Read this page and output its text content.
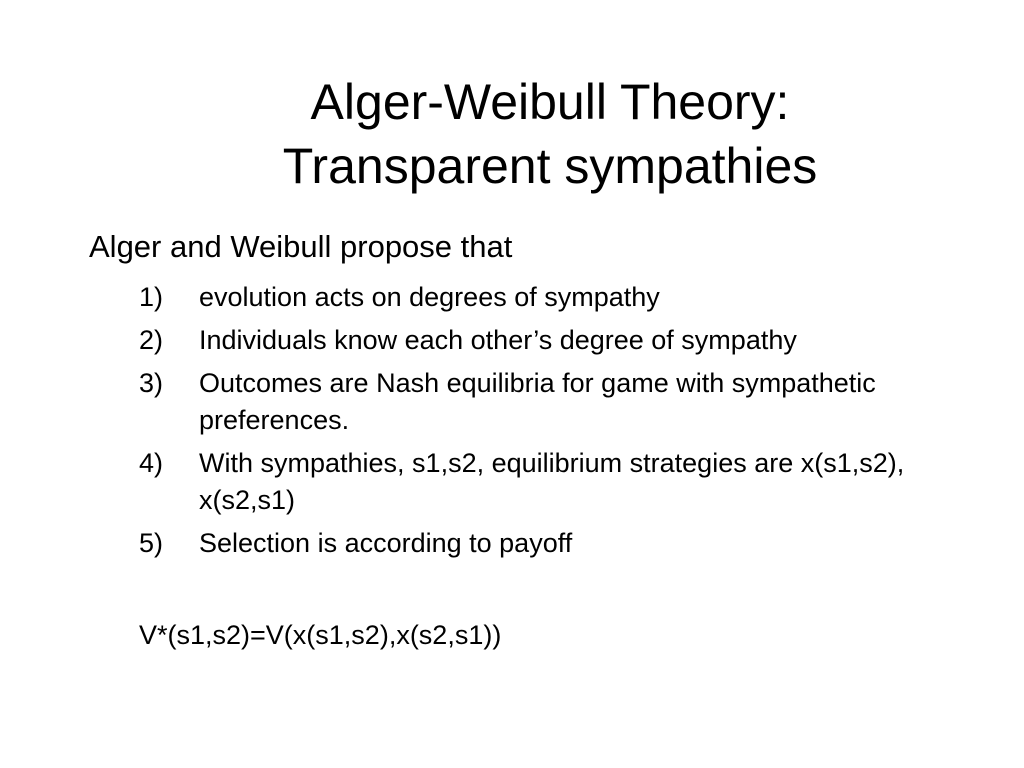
Alger-Weibull Theory:
Transparent sympathies
Alger and Weibull propose that
1) evolution acts on degrees of sympathy
2) Individuals know each other’s degree of sympathy
3) Outcomes are Nash equilibria for game with sympathetic preferences.
4) With sympathies, s1,s2, equilibrium strategies are x(s1,s2), x(s2,s1)
5) Selection is according to payoff
V*(s1,s2)=V(x(s1,s2),x(s2,s1))
